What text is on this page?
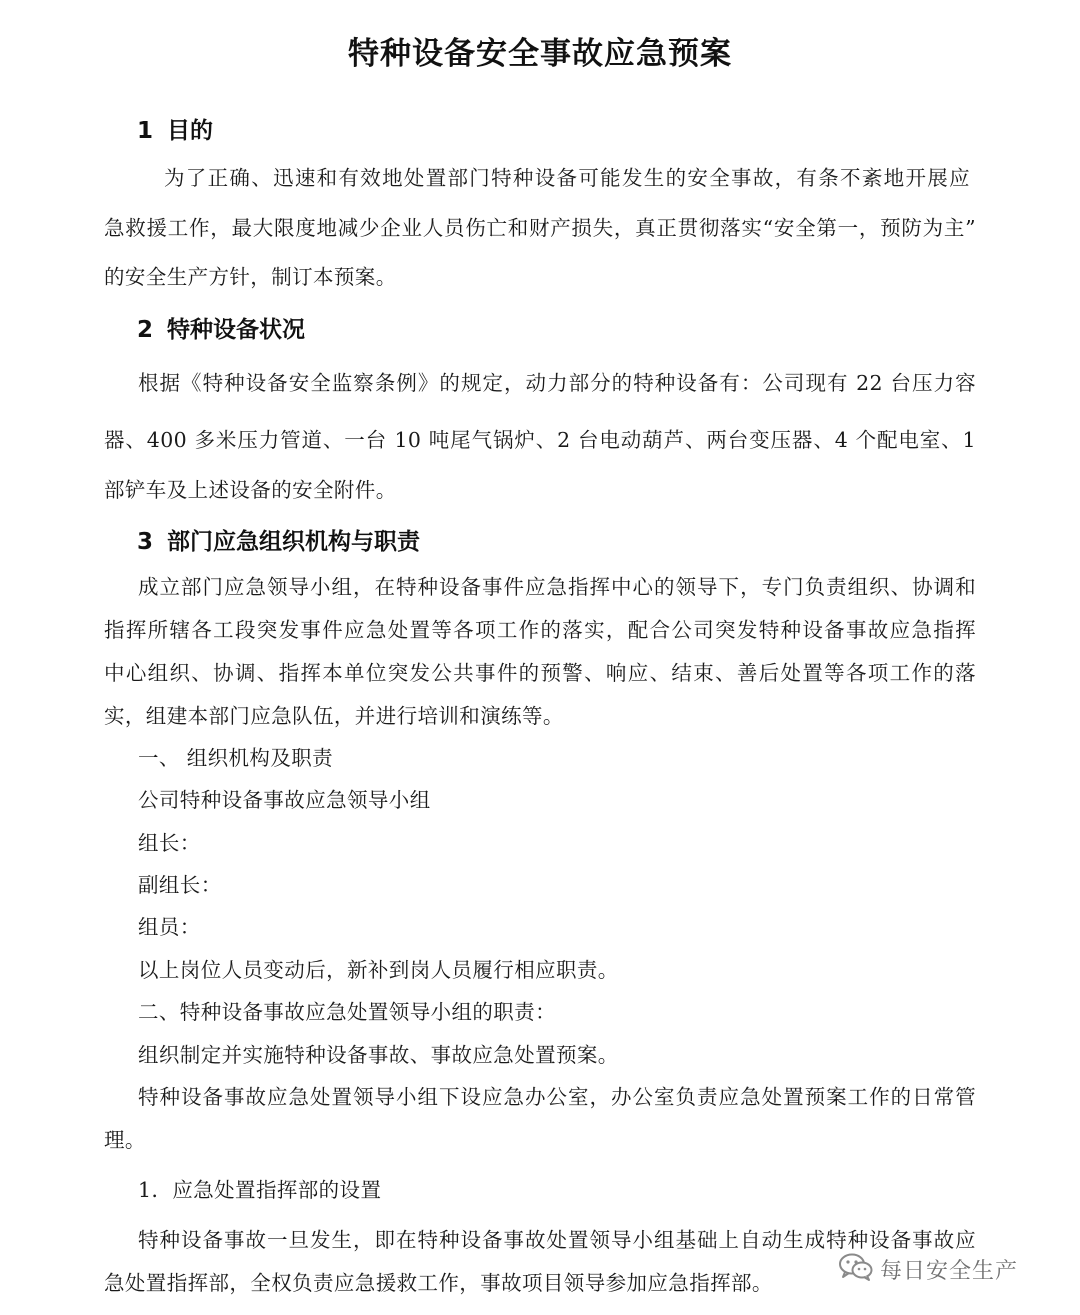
特种设备安全事故应急预案
1 目的
为了正确、迅速和有效地处置部门特种设备可能发生的安全事故，有条不紊地开展应
急救援工作，最大限度地减少企业人员伤亡和财产损失，真正贯彻落实“安全第一，预防为主”
的安全生产方针，制订本预案。
2 特种设备状况
根据《特种设备安全监察条例》的规定，动力部分的特种设备有：公司现有 22 台压力容
器、400 多米压力管道、一台 10 吨尾气锅炉、2 台电动葫芦、两台变压器、4 个配电室、1
部铲车及上述设备的安全附件。
3 部门应急组织机构与职责
成立部门应急领导小组，在特种设备事件应急指挥中心的领导下，专门负责组织、协调和
指挥所辖各工段突发事件应急处置等各项工作的落实，配合公司突发特种设备事故应急指挥
中心组织、协调、指挥本单位突发公共事件的预警、响应、结束、善后处置等各项工作的落
实，组建本部门应急队伍，并进行培训和演练等。
一、 组织机构及职责
公司特种设备事故应急领导小组
组长：
副组长：
组员：
以上岗位人员变动后，新补到岗人员履行相应职责。
二、特种设备事故应急处置领导小组的职责：
组织制定并实施特种设备事故、事故应急处置预案。
特种设备事故应急处置领导小组下设应急办公室，办公室负责应急处置预案工作的日常管
理。
1．应急处置指挥部的设置
特种设备事故一旦发生，即在特种设备事故处置领导小组基础上自动生成特种设备事故应
急处置指挥部，全权负责应急援救工作，事故项目领导参加应急指挥部。	每日安全生产
